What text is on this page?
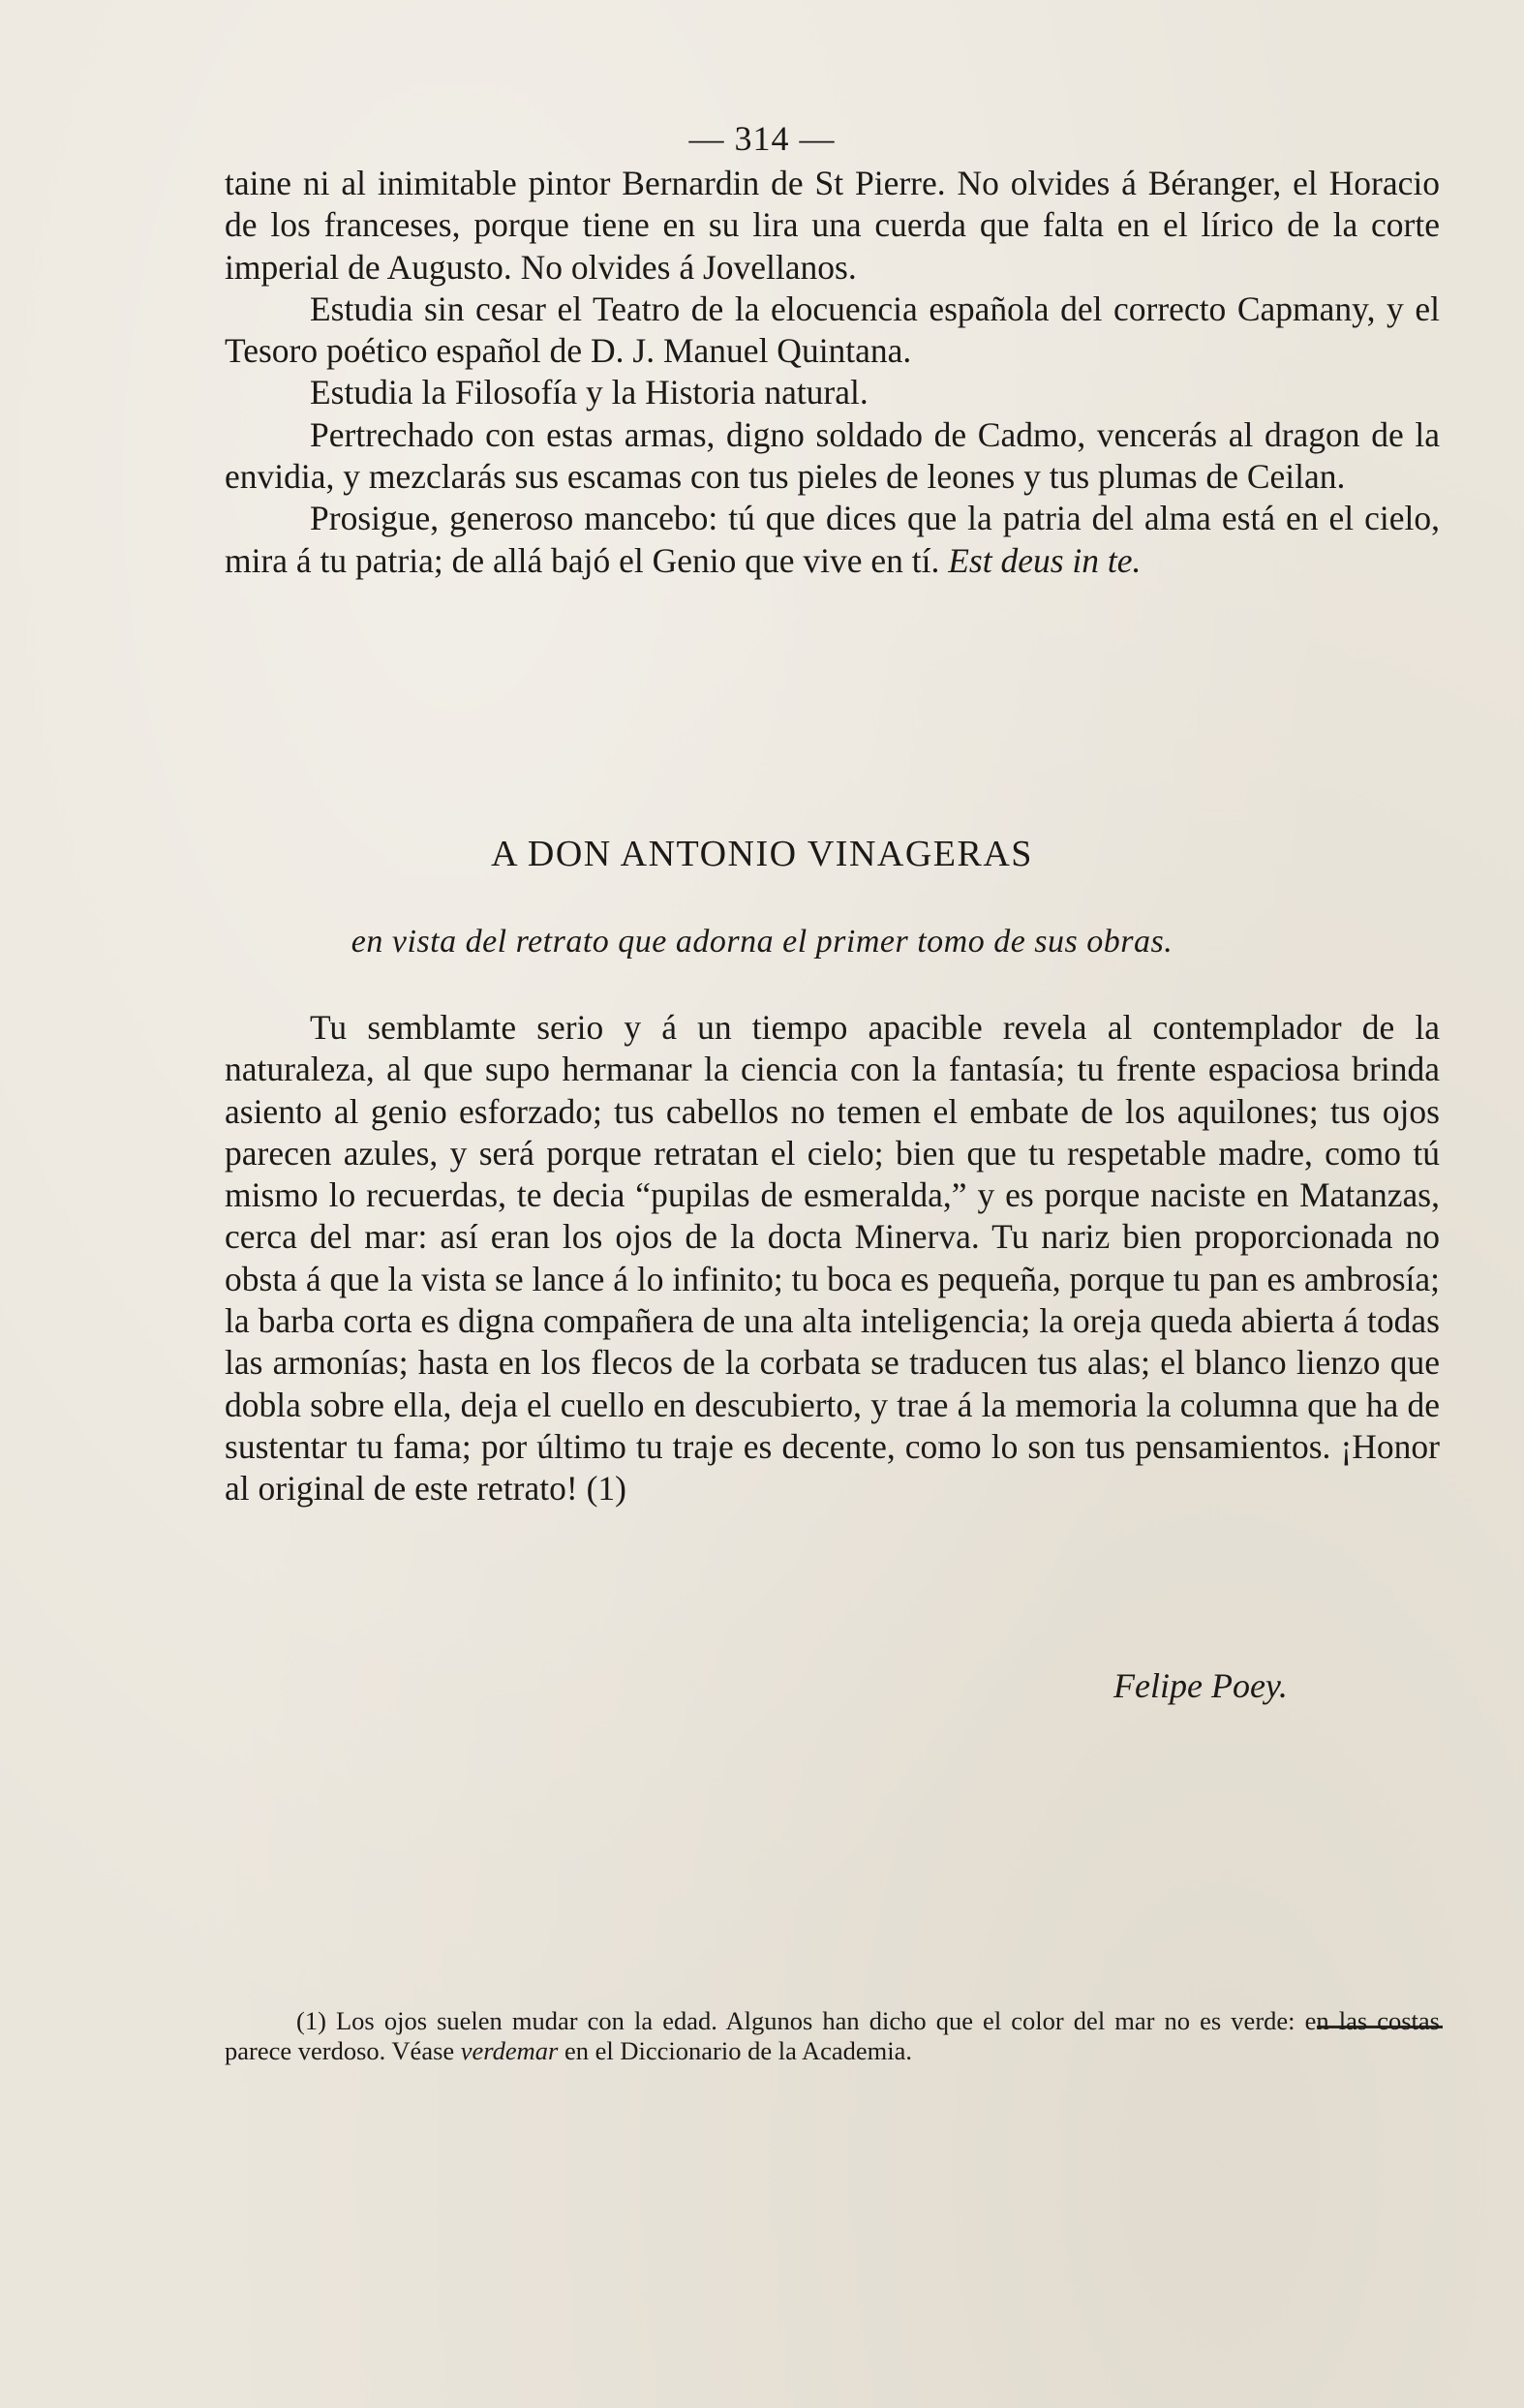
— 314 —

taine ni al inimitable pintor Bernardin de St Pierre. No olvides á Béranger, el Horacio de los franceses, porque tiene en su lira una cuerda que falta en el lírico de la corte imperial de Augusto. No olvides á Jovellanos.

Estudia sin cesar el Teatro de la elocuencia española del correcto Capmany, y el Tesoro poético español de D. J. Manuel Quintana.

Estudia la Filosofía y la Historia natural.

Pertrechado con estas armas, digno soldado de Cadmo, vencerás al dragon de la envidia, y mezclarás sus escamas con tus pieles de leones y tus plumas de Ceilan.

Prosigue, generoso mancebo: tú que dices que la patria del alma está en el cielo, mira á tu patria; de allá bajó el Genio que vive en tí. Est deus in te.

A DON ANTONIO VINAGERAS
en vista del retrato que adorna el primer tomo de sus obras.

Tu semblamte serio y á un tiempo apacible revela al contemplador de la naturaleza, al que supo hermanar la ciencia con la fantasía; tu frente espaciosa brinda asiento al genio esforzado; tus cabellos no temen el embate de los aquilones; tus ojos parecen azules, y será porque retratan el cielo; bien que tu respetable madre, como tú mismo lo recuerdas, te decia “pupilas de esmeralda,” y es porque naciste en Matanzas, cerca del mar: así eran los ojos de la docta Minerva. Tu nariz bien proporcionada no obsta á que la vista se lance á lo infinito; tu boca es pequeña, porque tu pan es ambrosía; la barba corta es digna compañera de una alta inteligencia; la oreja queda abierta á todas las armonías; hasta en los flecos de la corbata se traducen tus alas; el blanco lienzo que dobla sobre ella, deja el cuello en descubierto, y trae á la memoria la columna que ha de sustentar tu fama; por último tu traje es decente, como lo son tus pensamientos. ¡Honor al original de este retrato! (1)

Felipe Poey.
(1) Los ojos suelen mudar con la edad. Algunos han dicho que el color del mar no es verde: en las costas parece verdoso. Véase verdemar en el Diccionario de la Academia.
